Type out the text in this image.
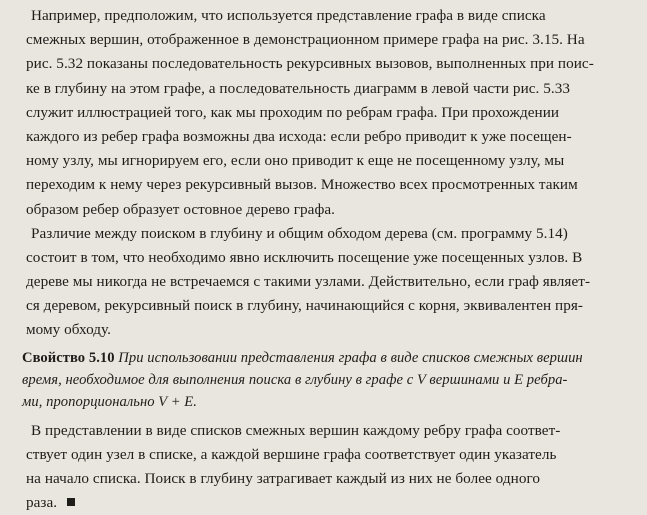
Например, предположим, что используется представление графа в виде списка
смежных вершин, отображенное в демонстрационном примере графа на рис. 3.15. На
рис. 5.32 показаны последовательность рекурсивных вызовов, выполненных при поис-
ке в глубину на этом графе, а последовательность диаграмм в левой части рис. 5.33
служит иллюстрацией того, как мы проходим по ребрам графа. При прохождении
каждого из ребер графа возможны два исхода: если ребро приводит к уже посещен-
ному узлу, мы игнорируем его, если оно приводит к еще не посещенному узлу, мы
переходим к нему через рекурсивный вызов. Множество всех просмотренных таким
образом ребер образует остовное дерево графа.
Различие между поиском в глубину и общим обходом дерева (см. программу 5.14)
состоит в том, что необходимо явно исключить посещение уже посещенных узлов. В
дереве мы никогда не встречаемся с такими узлами. Действительно, если граф являет-
ся деревом, рекурсивный поиск в глубину, начинающийся с корня, эквивалентен пря-
мому обходу.
Свойство 5.10 При использовании представления графа в виде списков смежных вершин
время, необходимое для выполнения поиска в глубину в графе с V вершинами и E ребра-
ми, пропорционально V + E.
В представлении в виде списков смежных вершин каждому ребру графа соответ-
ствует один узел в списке, а каждой вершине графа соответствует один указатель
на начало списка. Поиск в глубину затрагивает каждый из них не более одного
раза.
